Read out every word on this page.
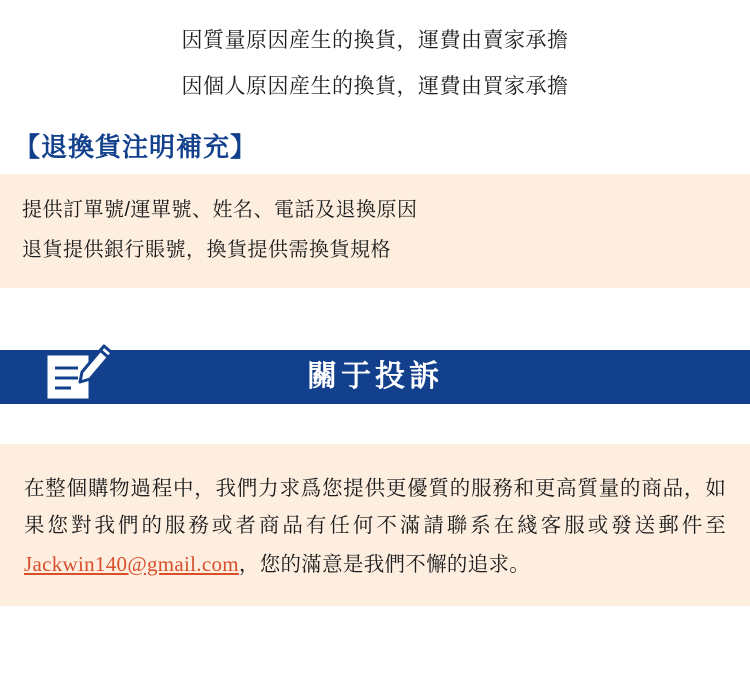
因質量原因産生的換貨，運費由賣家承擔
因個人原因産生的換貨，運費由買家承擔
【退換貨注明補充】
提供訂單號/運單號、姓名、電話及退換原因
退貨提供銀行賬號，換貨提供需換貨規格
關于投訴
在整個購物過程中，我們力求爲您提供更優質的服務和更高質量的商品，如果您對我們的服務或者商品有任何不滿請聯系在綫客服或發送郵件至Jackwin140@gmail.com，您的滿意是我們不懈的追求。
